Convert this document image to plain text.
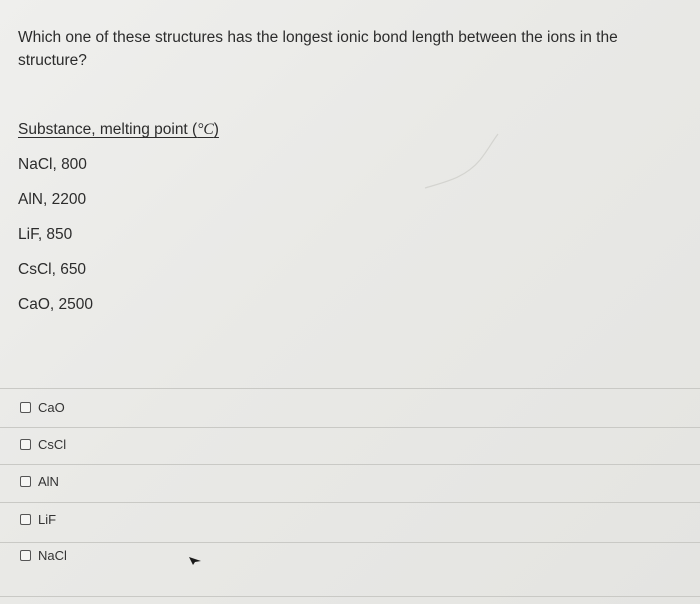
Which one of these structures has the longest ionic bond length between the ions in the structure?
Substance, melting point (°C)
NaCl, 800
AlN, 2200
LiF, 850
CsCl, 650
CaO, 2500
CaO
CsCl
AlN
LiF
NaCl
